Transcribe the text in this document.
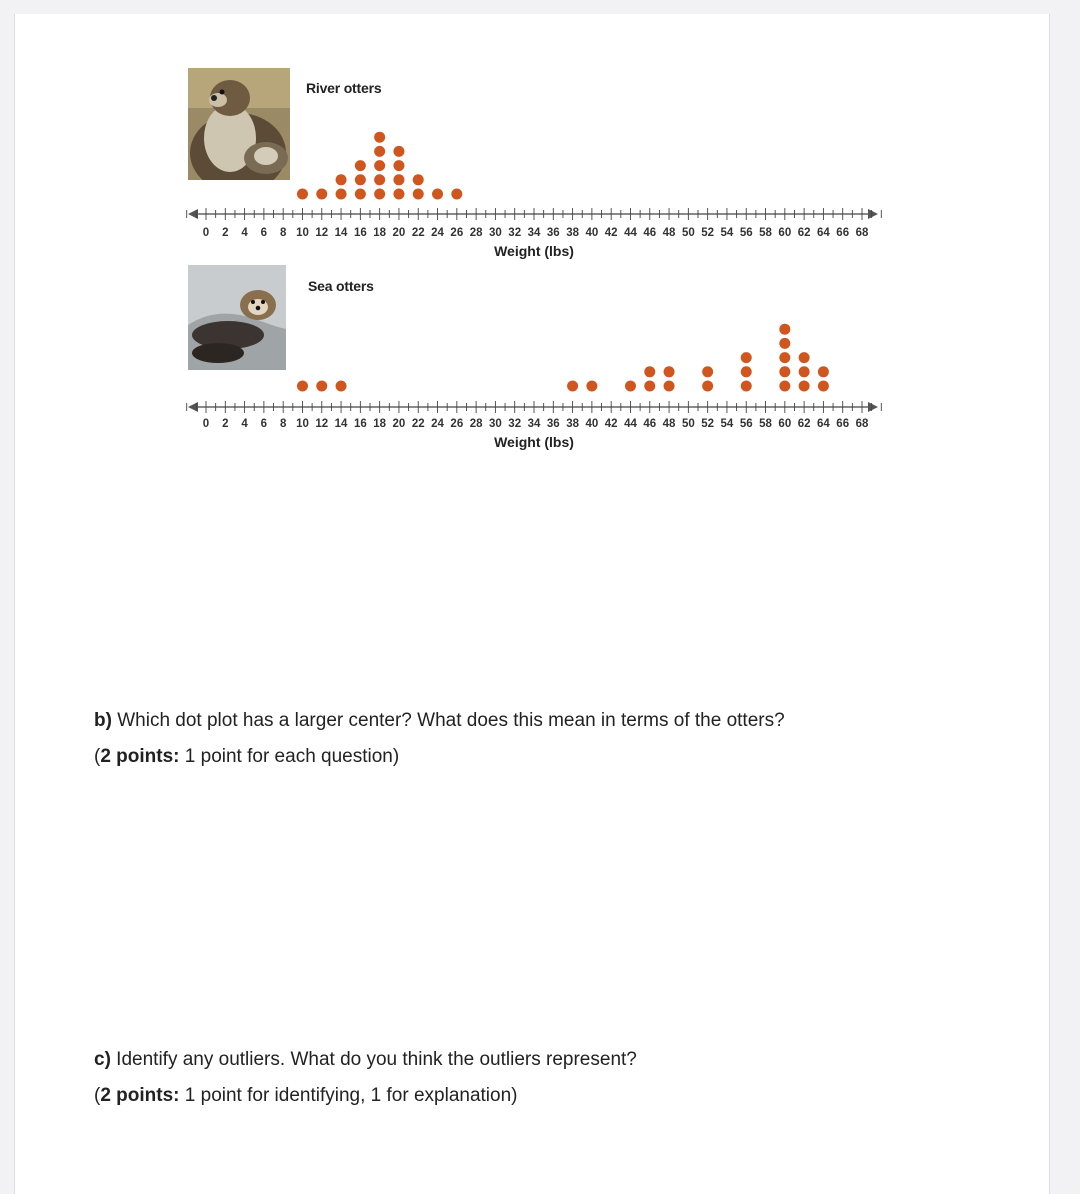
River otters
Sea otters
0 2 4 6 8 10 12 14 16 18 20 22 24 26 28 30 32 34 36 38 40 42 44 46 48 50 52 54 56 58 60 62 64 66 68
Weight (lbs)
0 2 4 6 8 10 12 14 16 18 20 22 24 26 28 30 32 34 36 38 40 42 44 46 48 50 52 54 56 58 60 62 64 66 68
Weight (lbs)
b) Which dot plot has a larger center? What does this mean in terms of the otters?
(2 points: 1 point for each question)
c) Identify any outliers. What do you think the outliers represent?
(2 points: 1 point for identifying, 1 for explanation)
